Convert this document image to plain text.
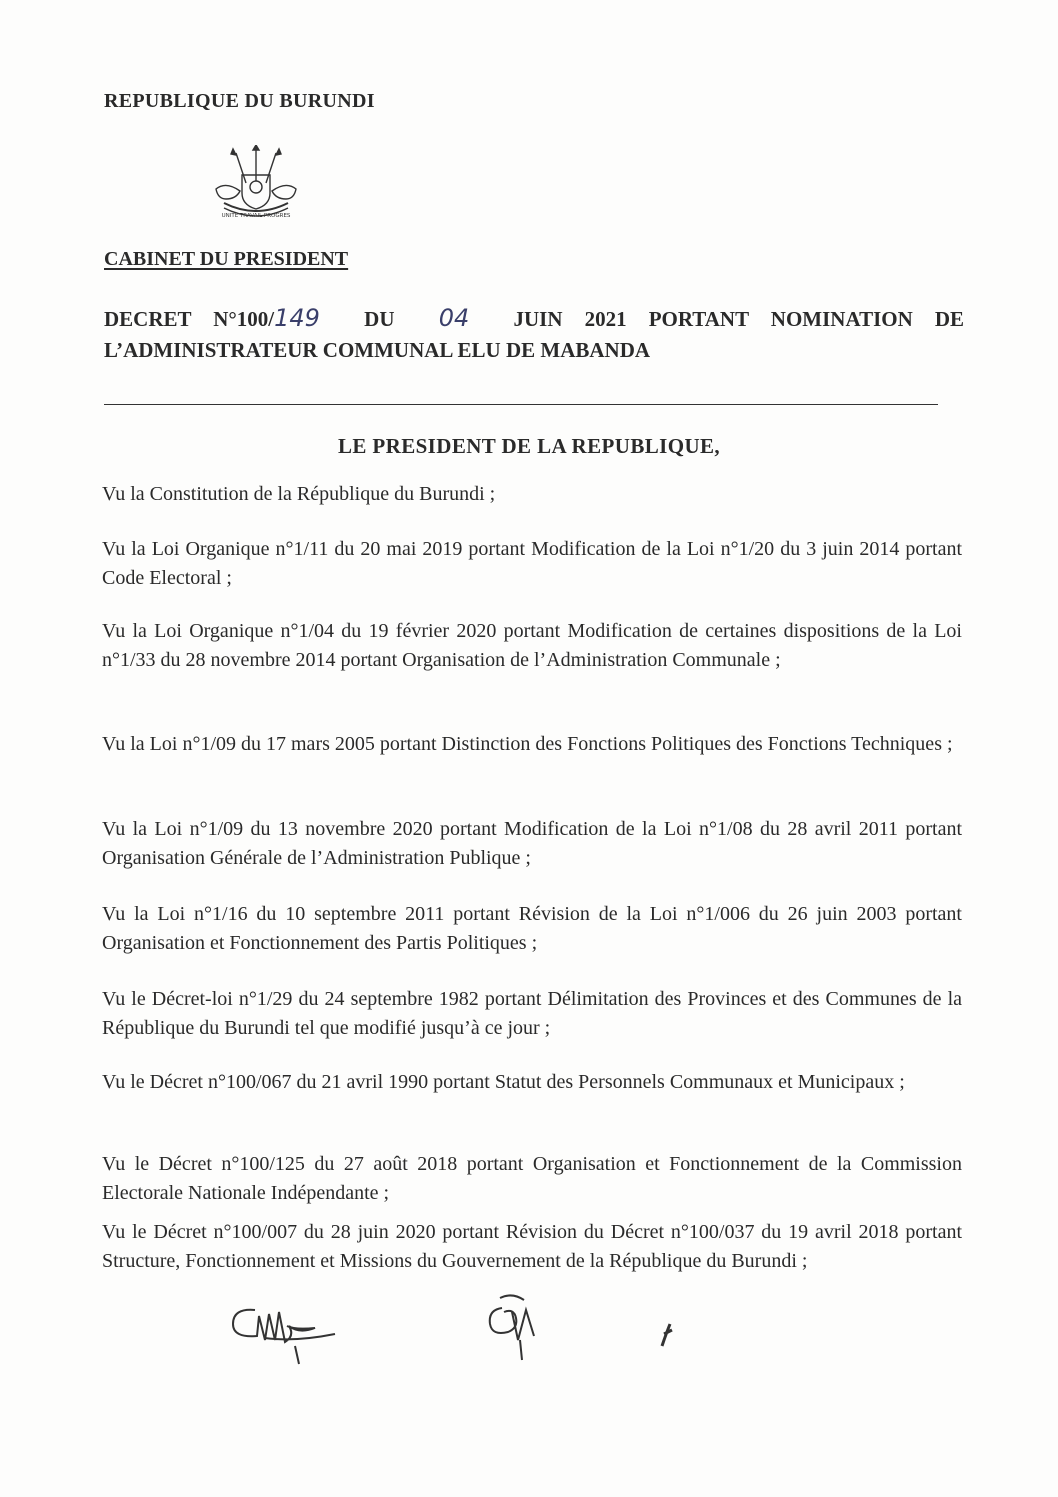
REPUBLIQUE DU BURUNDI
UNITE TRAVAIL PROGRES
CABINET DU PRESIDENT
DECRET N°100/149 DU 04 JUIN 2021 PORTANT NOMINATION DE L’ADMINISTRATEUR COMMUNAL ELU DE MABANDA
LE PRESIDENT DE LA REPUBLIQUE,
Vu la Constitution de la République du Burundi ;
Vu la Loi Organique n°1/11 du 20 mai 2019 portant Modification de la Loi n°1/20 du 3 juin 2014 portant Code Electoral ;
Vu la Loi Organique n°1/04 du 19 février 2020 portant Modification de certaines dispositions de la Loi n°1/33 du 28 novembre 2014 portant Organisation de l’Administration Communale ;
Vu la Loi n°1/09 du 17 mars 2005 portant Distinction des Fonctions Politiques des Fonctions Techniques ;
Vu la Loi n°1/09 du 13 novembre 2020 portant Modification de la Loi n°1/08 du 28 avril 2011 portant Organisation Générale de l’Administration Publique ;
Vu la Loi n°1/16 du 10 septembre 2011 portant Révision de la Loi n°1/006 du 26 juin 2003 portant Organisation et Fonctionnement des Partis Politiques ;
Vu le Décret-loi n°1/29 du 24 septembre 1982 portant Délimitation des Provinces et des Communes de la République du Burundi tel que modifié jusqu’à ce jour ;
Vu le Décret n°100/067 du 21 avril 1990 portant Statut des Personnels Communaux et Municipaux ;
Vu le Décret n°100/125 du 27 août 2018 portant Organisation et Fonctionnement de la Commission Electorale Nationale Indépendante ;
Vu le Décret n°100/007 du 28 juin 2020 portant Révision du Décret n°100/037 du 19 avril 2018 portant Structure, Fonctionnement et Missions du Gouvernement de la République du Burundi ;
